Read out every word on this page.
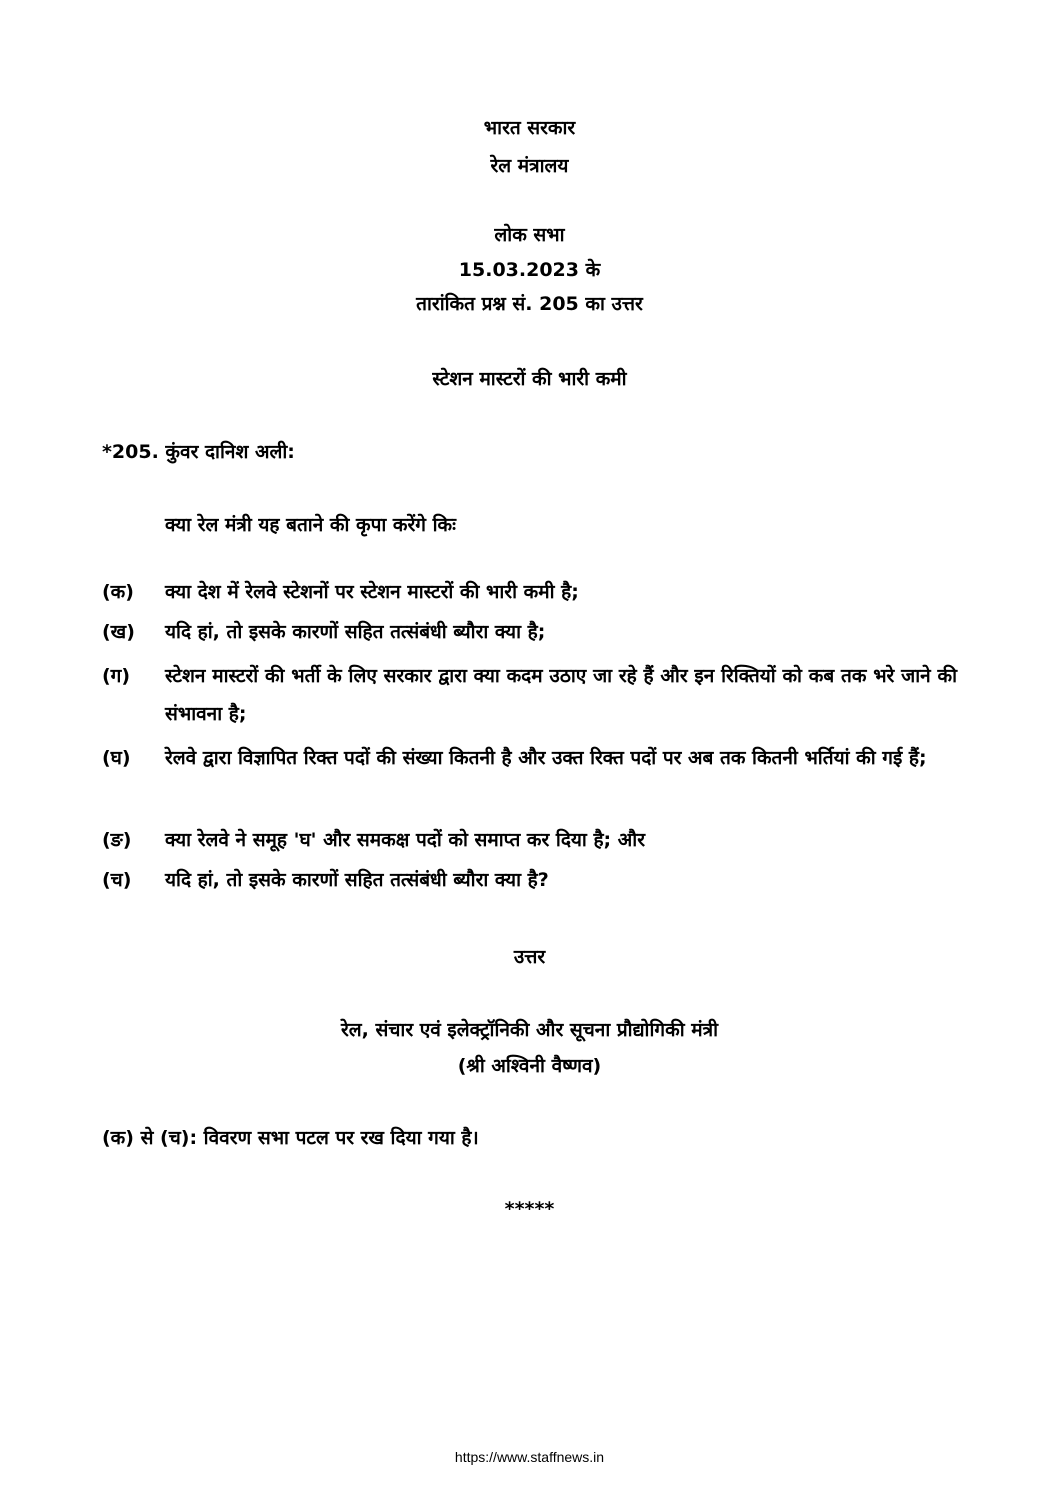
भारत सरकार
रेल मंत्रालय
लोक सभा
15.03.2023 के
तारांकित प्रश्न सं. 205 का उत्तर
स्टेशन मास्टरों की भारी कमी
*205. कुंवर दानिश अली:
क्या रेल मंत्री यह बताने की कृपा करेंगे किः
(क) क्या देश में रेलवे स्टेशनों पर स्टेशन मास्टरों की भारी कमी है;
(ख) यदि हां, तो इसके कारणों सहित तत्संबंधी ब्यौरा क्या है;
(ग) स्टेशन मास्टरों की भर्ती के लिए सरकार द्वारा क्या कदम उठाए जा रहे हैं और इन रिक्तियों को कब तक भरे जाने की संभावना है;
(घ) रेलवे द्वारा विज्ञापित रिक्त पदों की संख्या कितनी है और उक्त रिक्त पदों पर अब तक कितनी भर्तियां की गई हैं;
(ङ) क्या रेलवे ने समूह 'घ' और समकक्ष पदों को समाप्त कर दिया है; और
(च) यदि हां, तो इसके कारणों सहित तत्संबंधी ब्यौरा क्या है?
उत्तर
रेल, संचार एवं इलेक्ट्रॉनिकी और सूचना प्रौद्योगिकी मंत्री
(श्री अश्विनी वैष्णव)
(क) से (च): विवरण सभा पटल पर रख दिया गया है।
*****
https://www.staffnews.in
